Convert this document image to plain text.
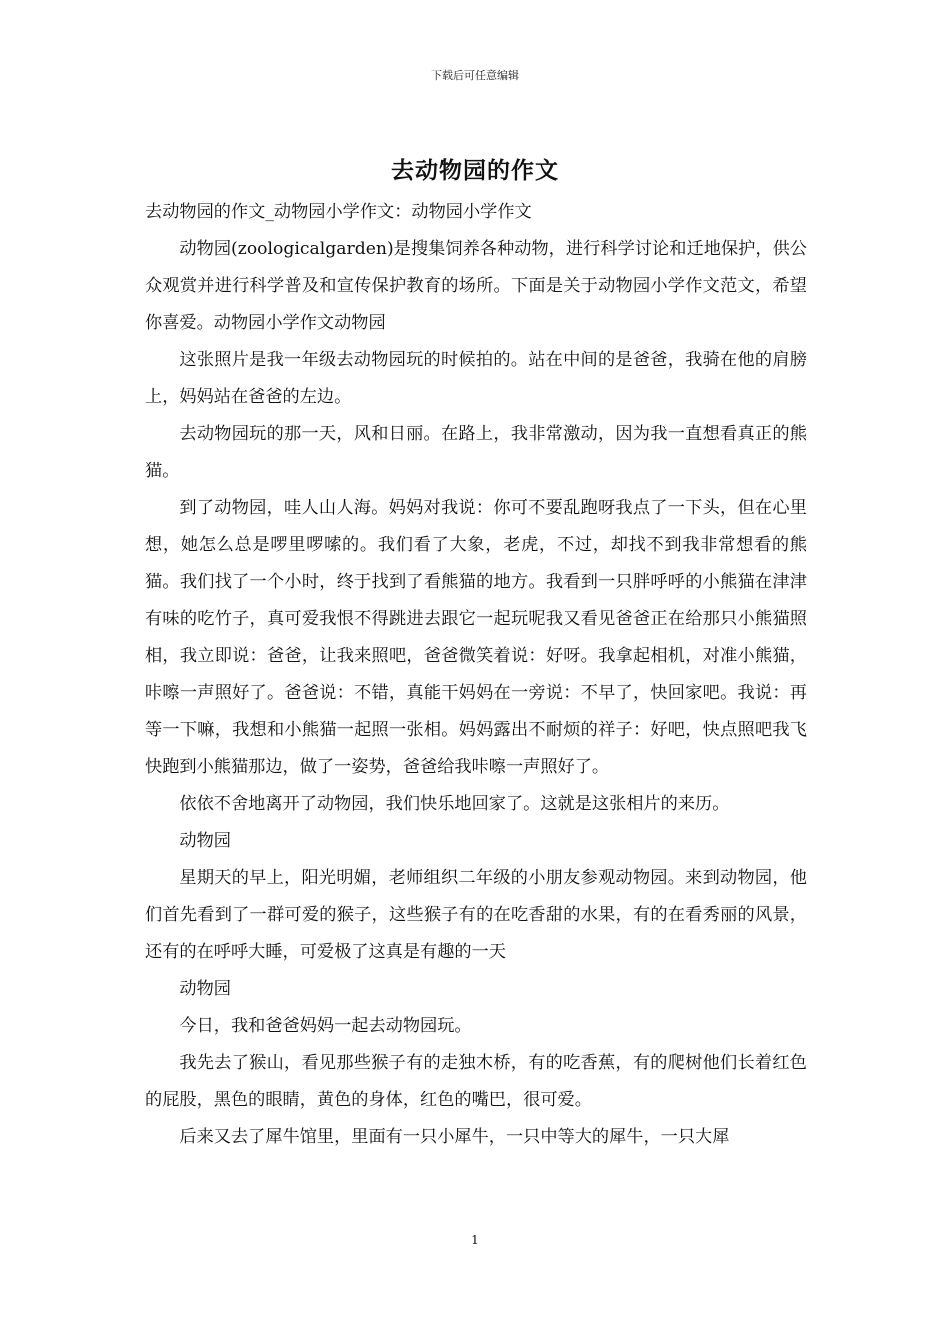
下载后可任意编辑
去动物园的作文

去动物园的作文_动物园小学作文：动物园小学作文

动物园(zoologicalgarden)是搜集饲养各种动物，进行科学讨论和迁地保护，供公众观赏并进行科学普及和宣传保护教育的场所。下面是关于动物园小学作文范文，希望你喜爱。动物园小学作文动物园

这张照片是我一年级去动物园玩的时候拍的。站在中间的是爸爸，我骑在他的肩膀上，妈妈站在爸爸的左边。

去动物园玩的那一天，风和日丽。在路上，我非常激动，因为我一直想看真正的熊猫。

到了动物园，哇人山人海。妈妈对我说：你可不要乱跑呀我点了一下头，但在心里想，她怎么总是啰里啰嗦的。我们看了大象，老虎，不过，却找不到我非常想看的熊猫。我们找了一个小时，终于找到了看熊猫的地方。我看到一只胖呼呼的小熊猫在津津有味的吃竹子，真可爱我恨不得跳进去跟它一起玩呢我又看见爸爸正在给那只小熊猫照相，我立即说：爸爸，让我来照吧，爸爸微笑着说：好呀。我拿起相机，对准小熊猫，咔嚓一声照好了。爸爸说：不错，真能干妈妈在一旁说：不早了，快回家吧。我说：再等一下嘛，我想和小熊猫一起照一张相。妈妈露出不耐烦的祥子：好吧，快点照吧我飞快跑到小熊猫那边，做了一姿势，爸爸给我咔嚓一声照好了。

依依不舍地离开了动物园，我们快乐地回家了。这就是这张相片的来历。

动物园

星期天的早上，阳光明媚，老师组织二年级的小朋友参观动物园。来到动物园，他们首先看到了一群可爱的猴子，这些猴子有的在吃香甜的水果，有的在看秀丽的风景，还有的在呼呼大睡，可爱极了这真是有趣的一天

动物园

今日，我和爸爸妈妈一起去动物园玩。

我先去了猴山，看见那些猴子有的走独木桥，有的吃香蕉，有的爬树他们长着红色的屁股，黑色的眼睛，黄色的身体，红色的嘴巴，很可爱。

后来又去了犀牛馆里，里面有一只小犀牛，一只中等大的犀牛，一只大犀

1
